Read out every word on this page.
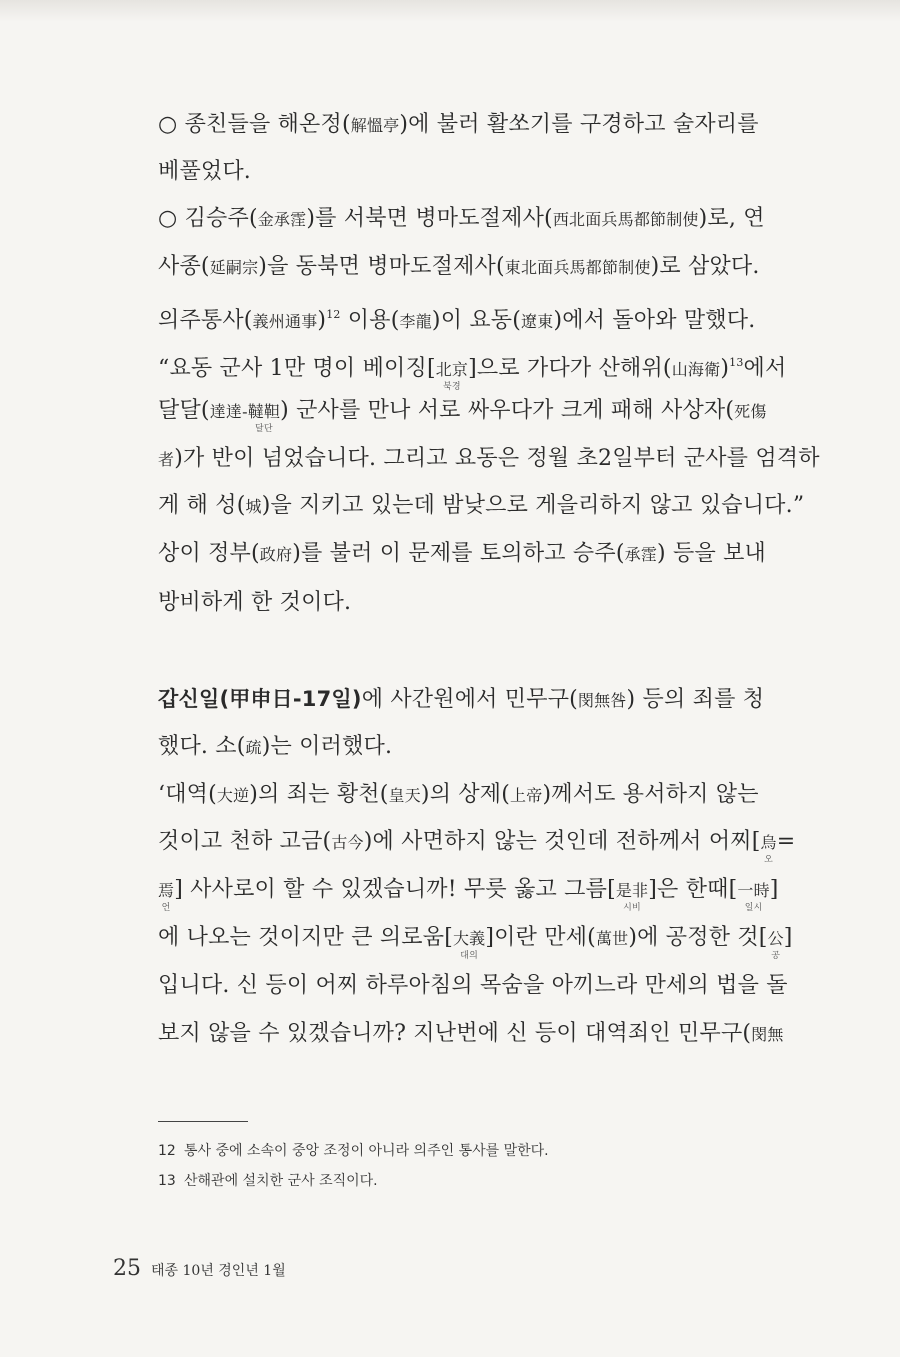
○ 종친들을 해온정(解慍亭)에 불러 활쏘기를 구경하고 술자리를
베풀었다.
○ 김승주(金承霔)를 서북면 병마도절제사(西北面兵馬都節制使)로, 연
사종(延嗣宗)을 동북면 병마도절제사(東北面兵馬都節制使)로 삼았다.
의주통사(義州通事)$^{12}$ 이용(李龍)이 요동(遼東)에서 돌아와 말했다.
“요동 군사 1만 명이 베이징[北京
북경
]으로 가다가 산해위(山海衛)$^{13}$에서
달달(達達-韃靼
달단
) 군사를 만나 서로 싸우다가 크게 패해 사상자(死傷
者)가 반이 넘었습니다. 그리고 요동은 정월 초2일부터 군사를 엄격하
게 해 성(城)을 지키고 있는데 밤낮으로 게을리하지 않고 있습니다.”
상이 정부(政府)를 불러 이 문제를 토의하고 승주(承霔) 등을 보내
방비하게 한 것이다.
갑신일(甲申日-17일)에 사간원에서 민무구(閔無咎) 등의 죄를 청
했다. 소(疏)는 이러했다.
‘대역(大逆)의 죄는 황천(皇天)의 상제(上帝)께서도 용서하지 않는
것이고 천하 고금(古今)에 사면하지 않는 것인데 전하께서 어찌[烏
오
=
焉
언
] 사사로이 할 수 있겠습니까! 무릇 옳고 그름[是非
시비
]은 한때[一時
일시
]
에 나오는 것이지만 큰 의로움[大義
대의
]이란 만세(萬世)에 공정한 것[公
공
]
입니다. 신 등이 어찌 하루아침의 목숨을 아끼느라 만세의 법을 돌
보지 않을 수 있겠습니까? 지난번에 신 등이 대역죄인 민무구(閔無
12 통사 중에 소속이 중앙 조정이 아니라 의주인 통사를 말한다.
13 산해관에 설치한 군사 조직이다.
25 태종 10년 경인년 1월
